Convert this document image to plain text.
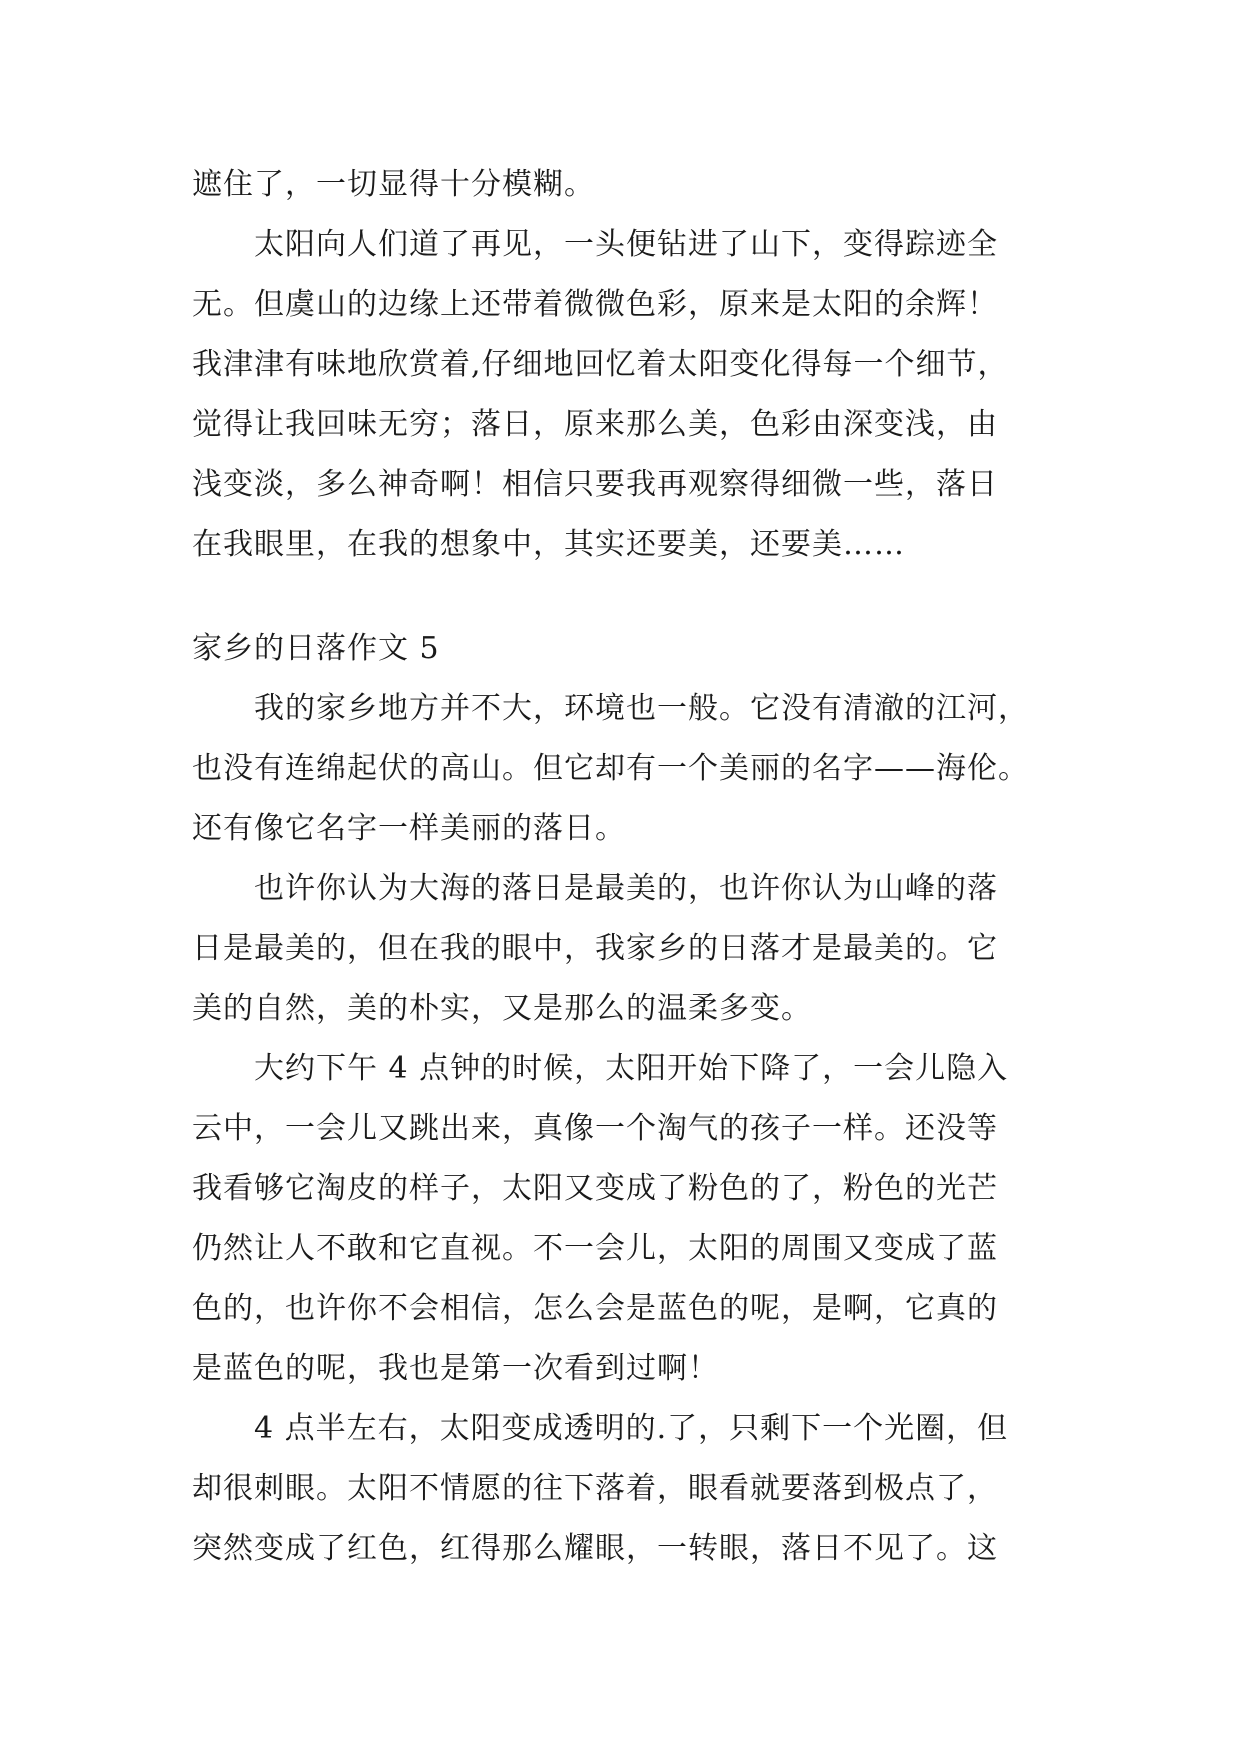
遮住了，一切显得十分模糊。
　　太阳向人们道了再见，一头便钻进了山下，变得踪迹全
无。但虞山的边缘上还带着微微色彩，原来是太阳的余辉！
我津津有味地欣赏着,仔细地回忆着太阳变化得每一个细节，
觉得让我回味无穷；落日，原来那么美，色彩由深变浅，由
浅变淡，多么神奇啊！相信只要我再观察得细微一些，落日
在我眼里，在我的想象中，其实还要美，还要美……
家乡的日落作文 5
　　我的家乡地方并不大，环境也一般。它没有清澈的江河，
也没有连绵起伏的高山。但它却有一个美丽的名字——海伦。
还有像它名字一样美丽的落日。
　　也许你认为大海的落日是最美的，也许你认为山峰的落
日是最美的，但在我的眼中，我家乡的日落才是最美的。它
美的自然，美的朴实，又是那么的温柔多变。
　　大约下午 4 点钟的时候，太阳开始下降了，一会儿隐入
云中，一会儿又跳出来，真像一个淘气的孩子一样。还没等
我看够它淘皮的样子，太阳又变成了粉色的了，粉色的光芒
仍然让人不敢和它直视。不一会儿，太阳的周围又变成了蓝
色的，也许你不会相信，怎么会是蓝色的呢，是啊，它真的
是蓝色的呢，我也是第一次看到过啊！
　　4 点半左右，太阳变成透明的.了，只剩下一个光圈，但
却很刺眼。太阳不情愿的往下落着，眼看就要落到极点了，
突然变成了红色，红得那么耀眼，一转眼，落日不见了。这
